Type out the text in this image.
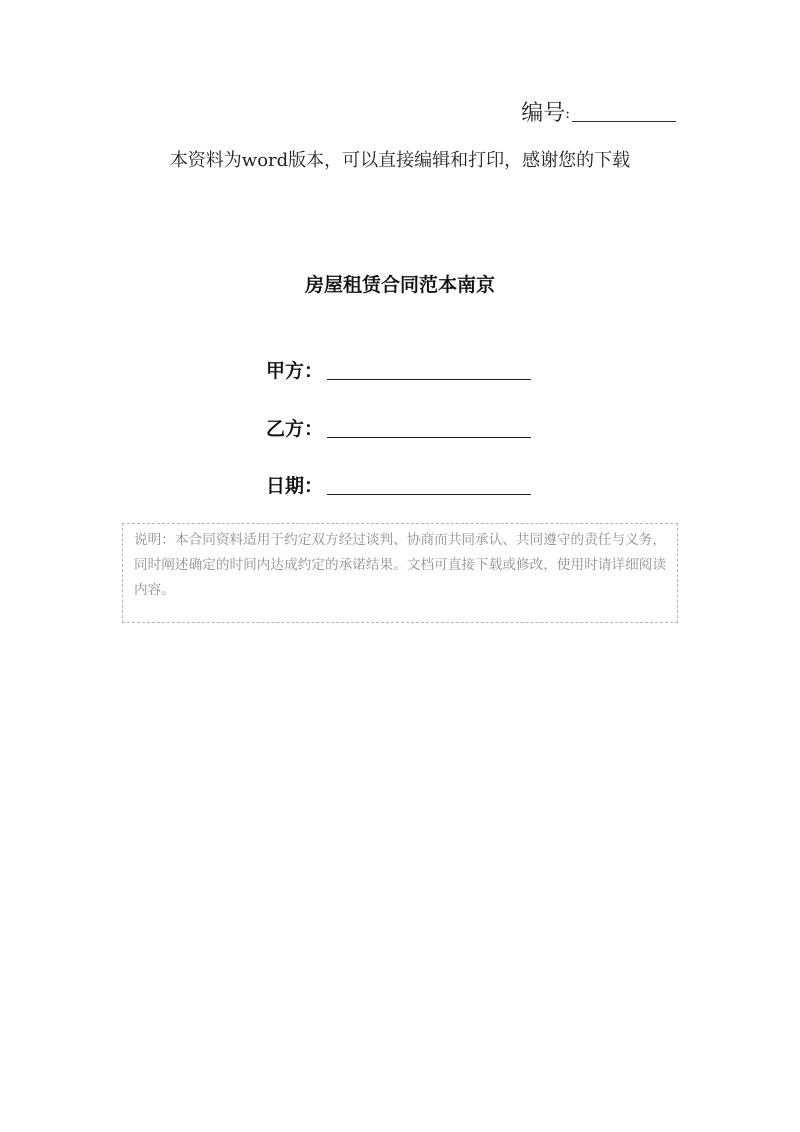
编号:
本资料为word版本，可以直接编辑和打印，感谢您的下载
房屋租赁合同范本南京
甲方：
乙方：
日期：
说明：本合同资料适用于约定双方经过谈判、协商而共同承认、共同遵守的责任与义务，同时阐述确定的时间内达成约定的承诺结果。文档可直接下载或修改，使用时请详细阅读内容。
